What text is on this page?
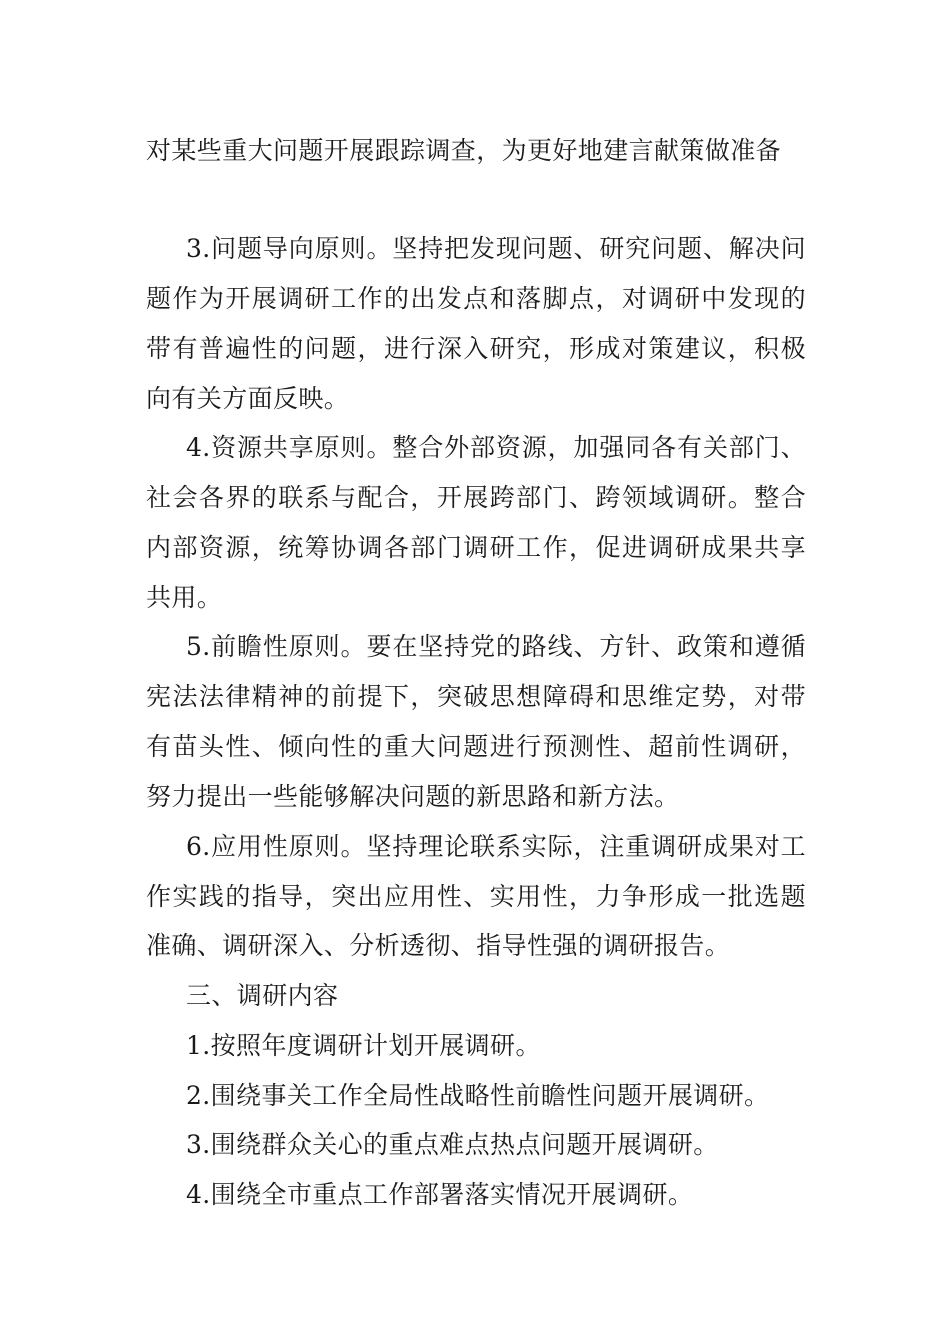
对某些重大问题开展跟踪调查，为更好地建言献策做准备
3.问题导向原则。坚持把发现问题、研究问题、解决问
题作为开展调研工作的出发点和落脚点，对调研中发现的
带有普遍性的问题，进行深入研究，形成对策建议，积极
向有关方面反映。
4.资源共享原则。整合外部资源，加强同各有关部门、
社会各界的联系与配合，开展跨部门、跨领域调研。整合
内部资源，统筹协调各部门调研工作，促进调研成果共享
共用。
5.前瞻性原则。要在坚持党的路线、方针、政策和遵循
宪法法律精神的前提下，突破思想障碍和思维定势，对带
有苗头性、倾向性的重大问题进行预测性、超前性调研，
努力提出一些能够解决问题的新思路和新方法。
6.应用性原则。坚持理论联系实际，注重调研成果对工
作实践的指导，突出应用性、实用性，力争形成一批选题
准确、调研深入、分析透彻、指导性强的调研报告。
三、调研内容
1.按照年度调研计划开展调研。
2.围绕事关工作全局性战略性前瞻性问题开展调研。
3.围绕群众关心的重点难点热点问题开展调研。
4.围绕全市重点工作部署落实情况开展调研。
